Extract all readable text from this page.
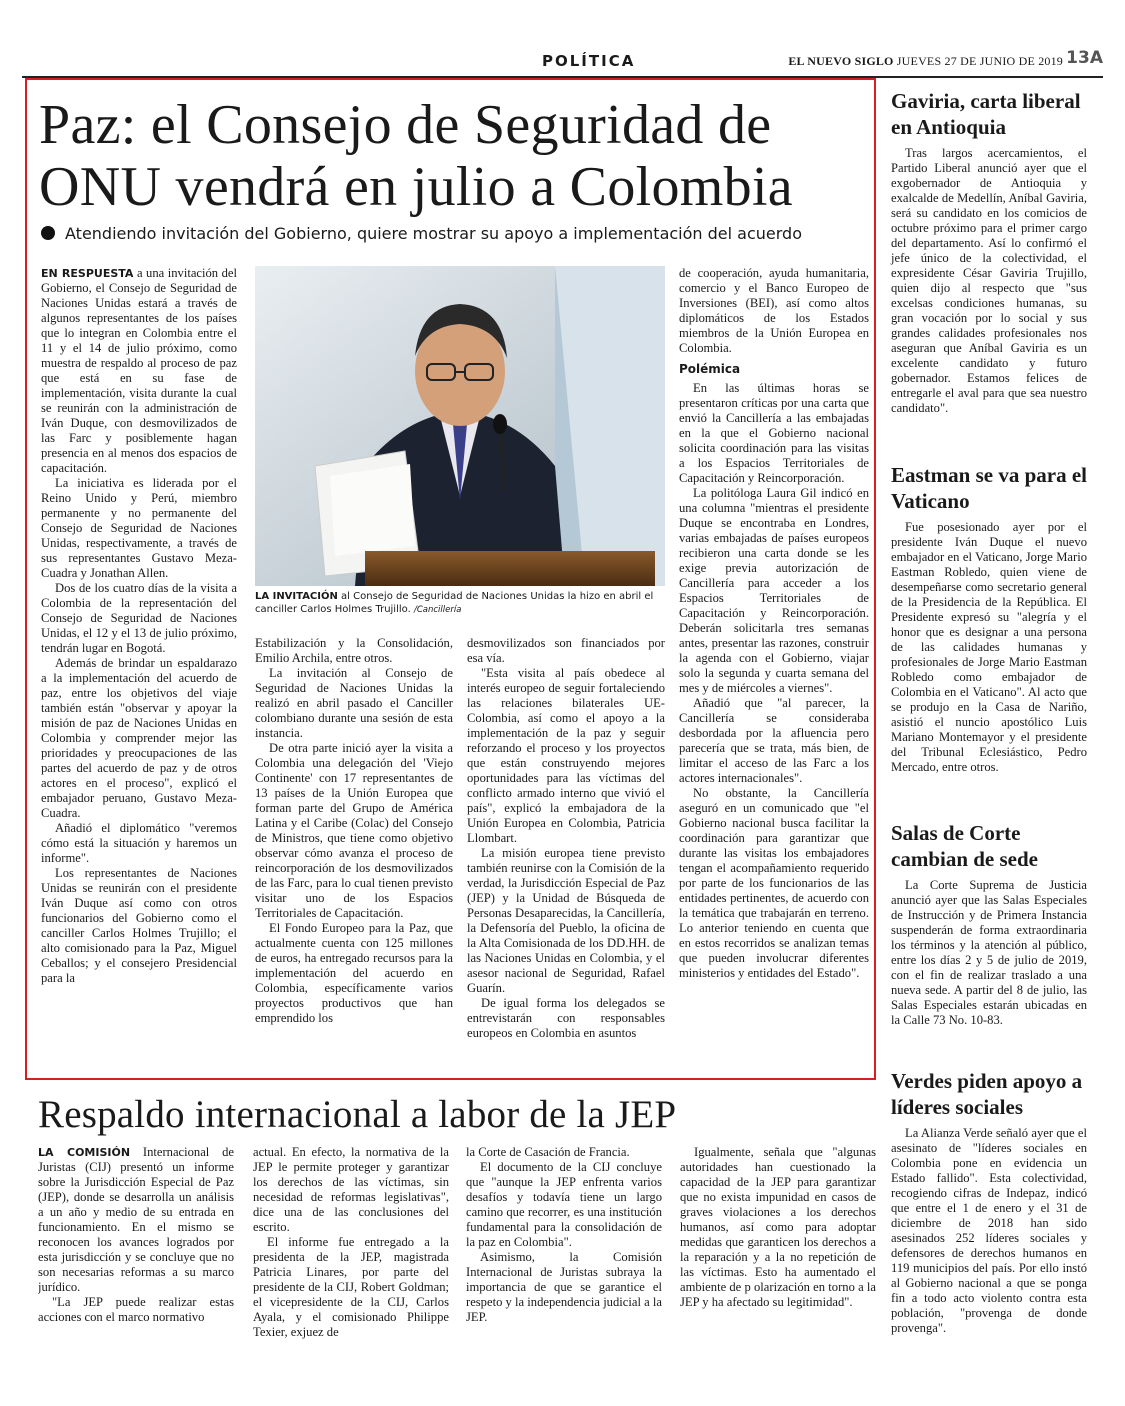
POLÍTICA	EL NUEVO SIGLO JUEVES 27 DE JUNIO DE 2019 13A
Paz: el Consejo de Seguridad de
ONU vendrá en julio a Colombia
Atendiendo invitación del Gobierno, quiere mostrar su apoyo a implementación del acuerdo

EN RESPUESTA a una invitación del Gobierno, el Consejo de Seguridad de Naciones Unidas estará a través de algunos representantes de los países que lo integran en Colombia entre el 11 y el 14 de julio próximo, como muestra de respaldo al proceso de paz que está en su fase de implementación, visita durante la cual se reunirán con la administración de Iván Duque, con desmovilizados de las Farc y posiblemente hagan presencia en al menos dos espacios de capacitación.

La iniciativa es liderada por el Reino Unido y Perú, miembro permanente y no permanente del Consejo de Seguridad de Naciones Unidas, respectivamente, a través de sus representantes Gustavo Meza-Cuadra y Jonathan Allen.

Dos de los cuatro días de la visita a Colombia de la representación del Consejo de Seguridad de Naciones Unidas, el 12 y el 13 de julio próximo, tendrán lugar en Bogotá.

Además de brindar un espaldarazo a la implementación del acuerdo de paz, entre los objetivos del viaje también están "observar y apoyar la misión de paz de Naciones Unidas en Colombia y comprender mejor las prioridades y preocupaciones de las partes del acuerdo de paz y de otros actores en el proceso", explicó el embajador peruano, Gustavo Meza-Cuadra.

Añadió el diplomático "veremos cómo está la situación y haremos un informe".

Los representantes de Naciones Unidas se reunirán con el presidente Iván Duque así como con otros funcionarios del Gobierno como el canciller Carlos Holmes Trujillo; el alto comisionado para la Paz, Miguel Ceballos; y el consejero Presidencial para la

LA INVITACIÓN al Consejo de Seguridad de Naciones Unidas la hizo en abril el canciller Carlos Holmes Trujillo. /Cancillería

Estabilización y la Consolidación, Emilio Archila, entre otros.

La invitación al Consejo de Seguridad de Naciones Unidas la realizó en abril pasado el Canciller colombiano durante una sesión de esta instancia.

De otra parte inició ayer la visita a Colombia una delegación del 'Viejo Continente' con 17 representantes de 13 países de la Unión Europea que forman parte del Grupo de América Latina y el Caribe (Colac) del Consejo de Ministros, que tiene como objetivo observar cómo avanza el proceso de reincorporación de los desmovilizados de las Farc, para lo cual tienen previsto visitar uno de los Espacios Territoriales de Capacitación.

El Fondo Europeo para la Paz, que actualmente cuenta con 125 millones de euros, ha entregado recursos para la implementación del acuerdo en Colombia, específicamente varios proyectos productivos que han emprendido los

desmovilizados son financiados por esa vía.

"Esta visita al país obedece al interés europeo de seguir fortaleciendo las relaciones bilaterales UE-Colombia, así como el apoyo a la implementación de la paz y seguir reforzando el proceso y los proyectos que están construyendo mejores oportunidades para las víctimas del conflicto armado interno que vivió el país", explicó la embajadora de la Unión Europea en Colombia, Patricia Llombart.

La misión europea tiene previsto también reunirse con la Comisión de la verdad, la Jurisdicción Especial de Paz (JEP) y la Unidad de Búsqueda de Personas Desaparecidas, la Cancillería, la Defensoría del Pueblo, la oficina de la Alta Comisionada de los DD.HH. de las Naciones Unidas en Colombia, y el asesor nacional de Seguridad, Rafael Guarín.

De igual forma los delegados se entrevistarán con responsables europeos en Colombia en asuntos

de cooperación, ayuda humanitaria, comercio y el Banco Europeo de Inversiones (BEI), así como altos diplomáticos de los Estados miembros de la Unión Europea en Colombia.

Polémica

En las últimas horas se presentaron críticas por una carta que envió la Cancillería a las embajadas en la que el Gobierno nacional solicita coordinación para las visitas a los Espacios Territoriales de Capacitación y Reincorporación.

La politóloga Laura Gil indicó en una columna "mientras el presidente Duque se encontraba en Londres, varias embajadas de países europeos recibieron una carta donde se les exige previa autorización de Cancillería para acceder a los Espacios Territoriales de Capacitación y Reincorporación. Deberán solicitarla tres semanas antes, presentar las razones, construir la agenda con el Gobierno, viajar solo la segunda y cuarta semana del mes y de miércoles a viernes".

Añadió que "al parecer, la Cancillería se consideraba desbordada por la afluencia pero parecería que se trata, más bien, de limitar el acceso de las Farc a los actores internacionales".

No obstante, la Cancillería aseguró en un comunicado que "el Gobierno nacional busca facilitar la coordinación para garantizar que durante las visitas los embajadores tengan el acompañamiento requerido por parte de los funcionarios de las entidades pertinentes, de acuerdo con la temática que trabajarán en terreno. Lo anterior teniendo en cuenta que en estos recorridos se analizan temas que pueden involucrar diferentes ministerios y entidades del Estado".

Gaviria, carta liberal en Antioquia

Tras largos acercamientos, el Partido Liberal anunció ayer que el exgobernador de Antioquia y exalcalde de Medellín, Aníbal Gaviria, será su candidato en los comicios de octubre próximo para el primer cargo del departamento. Así lo confirmó el jefe único de la colectividad, el expresidente César Gaviria Trujillo, quien dijo al respecto que "sus excelsas condiciones humanas, su gran vocación por lo social y sus grandes calidades profesionales nos aseguran que Aníbal Gaviria es un excelente candidato y futuro gobernador. Estamos felices de entregarle el aval para que sea nuestro candidato".

Eastman se va para el Vaticano

Fue posesionado ayer por el presidente Iván Duque el nuevo embajador en el Vaticano, Jorge Mario Eastman Robledo, quien viene de desempeñarse como secretario general de la Presidencia de la República. El Presidente expresó su "alegría y el honor que es designar a una persona de las calidades humanas y profesionales de Jorge Mario Eastman Robledo como embajador de Colombia en el Vaticano". Al acto que se produjo en la Casa de Nariño, asistió el nuncio apostólico Luis Mariano Montemayor y el presidente del Tribunal Eclesiástico, Pedro Mercado, entre otros.

Salas de Corte cambian de sede

La Corte Suprema de Justicia anunció ayer que las Salas Especiales de Instrucción y de Primera Instancia suspenderán de forma extraordinaria los términos y la atención al público, entre los días 2 y 5 de julio de 2019, con el fin de realizar traslado a una nueva sede. A partir del 8 de julio, las Salas Especiales estarán ubicadas en la Calle 73 No. 10-83.

Verdes piden apoyo a líderes sociales

La Alianza Verde señaló ayer que el asesinato de "líderes sociales en Colombia pone en evidencia un Estado fallido". Esta colectividad, recogiendo cifras de Indepaz, indicó que entre el 1 de enero y el 31 de diciembre de 2018 han sido asesinados 252 líderes sociales y defensores de derechos humanos en 119 municipios del país. Por ello instó al Gobierno nacional a que se ponga fin a todo acto violento contra esta población, "provenga de donde provenga".

Respaldo internacional a labor de la JEP

LA COMISIÓN Internacional de Juristas (CIJ) presentó un informe sobre la Jurisdicción Especial de Paz (JEP), donde se desarrolla un análisis a un año y medio de su entrada en funcionamiento. En el mismo se reconocen los avances logrados por esta jurisdicción y se concluye que no son necesarias reformas a su marco jurídico.

"La JEP puede realizar estas acciones con el marco normativo

actual. En efecto, la normativa de la JEP le permite proteger y garantizar los derechos de las víctimas, sin necesidad de reformas legislativas", dice una de las conclusiones del escrito.

El informe fue entregado a la presidenta de la JEP, magistrada Patricia Linares, por parte del presidente de la CIJ, Robert Goldman; el vicepresidente de la CIJ, Carlos Ayala, y el comisionado Philippe Texier, exjuez de

la Corte de Casación de Francia.

El documento de la CIJ concluye que "aunque la JEP enfrenta varios desafíos y todavía tiene un largo camino que recorrer, es una institución fundamental para la consolidación de la paz en Colombia".

Asimismo, la Comisión Internacional de Juristas subraya la importancia de que se garantice el respeto y la independencia judicial a la JEP.

Igualmente, señala que "algunas autoridades han cuestionado la capacidad de la JEP para garantizar que no exista impunidad en casos de graves violaciones a los derechos humanos, así como para adoptar medidas que garanticen los derechos a la reparación y a la no repetición de las víctimas. Esto ha aumentado el ambiente de p olarización en torno a la JEP y ha afectado su legitimidad".
